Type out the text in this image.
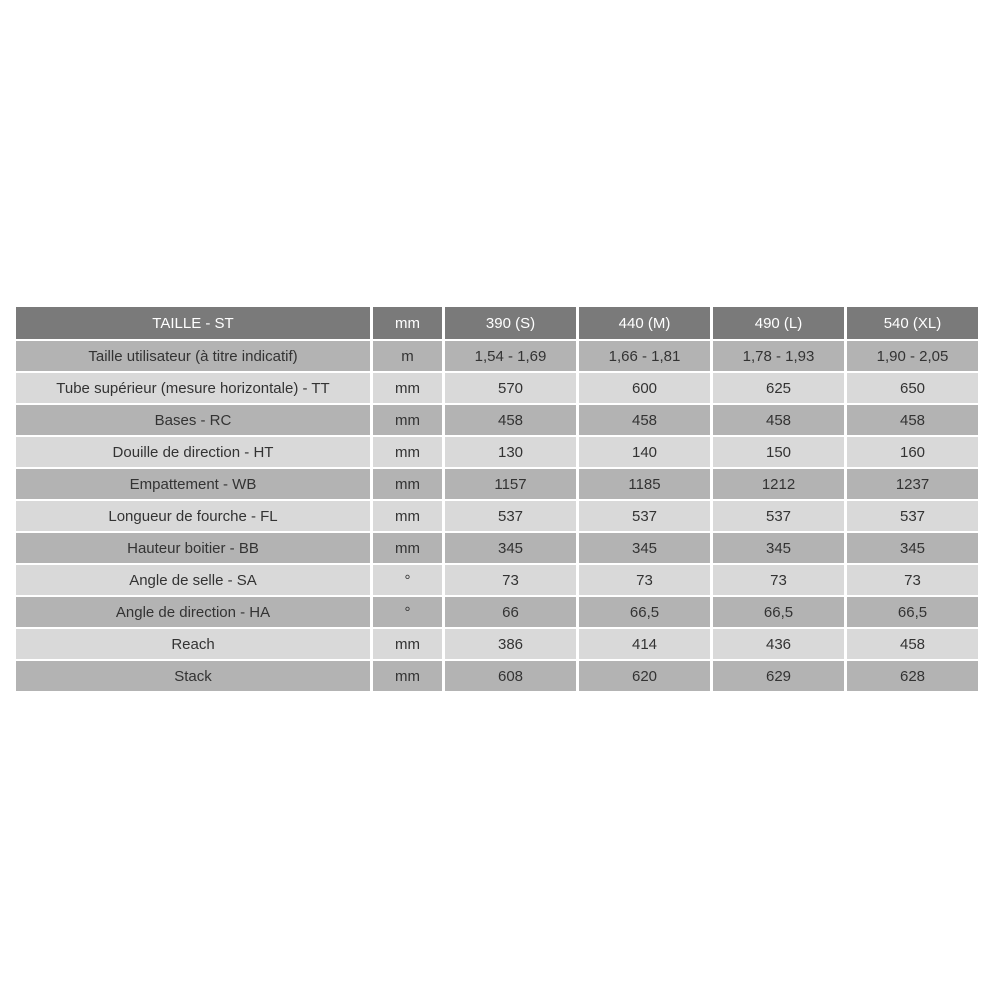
TAILLE - ST	mm	390 (S)	440 (M)	490 (L)	540 (XL)
Taille utilisateur (à titre indicatif)	m	1,54 - 1,69	1,66 - 1,81	1,78 - 1,93	1,90 - 2,05
Tube supérieur (mesure horizontale) - TT	mm	570	600	625	650
Bases - RC	mm	458	458	458	458
Douille de direction - HT	mm	130	140	150	160
Empattement - WB	mm	1157	1185	1212	1237
Longueur de fourche - FL	mm	537	537	537	537
Hauteur boitier - BB	mm	345	345	345	345
Angle de selle - SA	°	73	73	73	73
Angle de direction - HA	°	66	66,5	66,5	66,5
Reach	mm	386	414	436	458
Stack	mm	608	620	629	628
